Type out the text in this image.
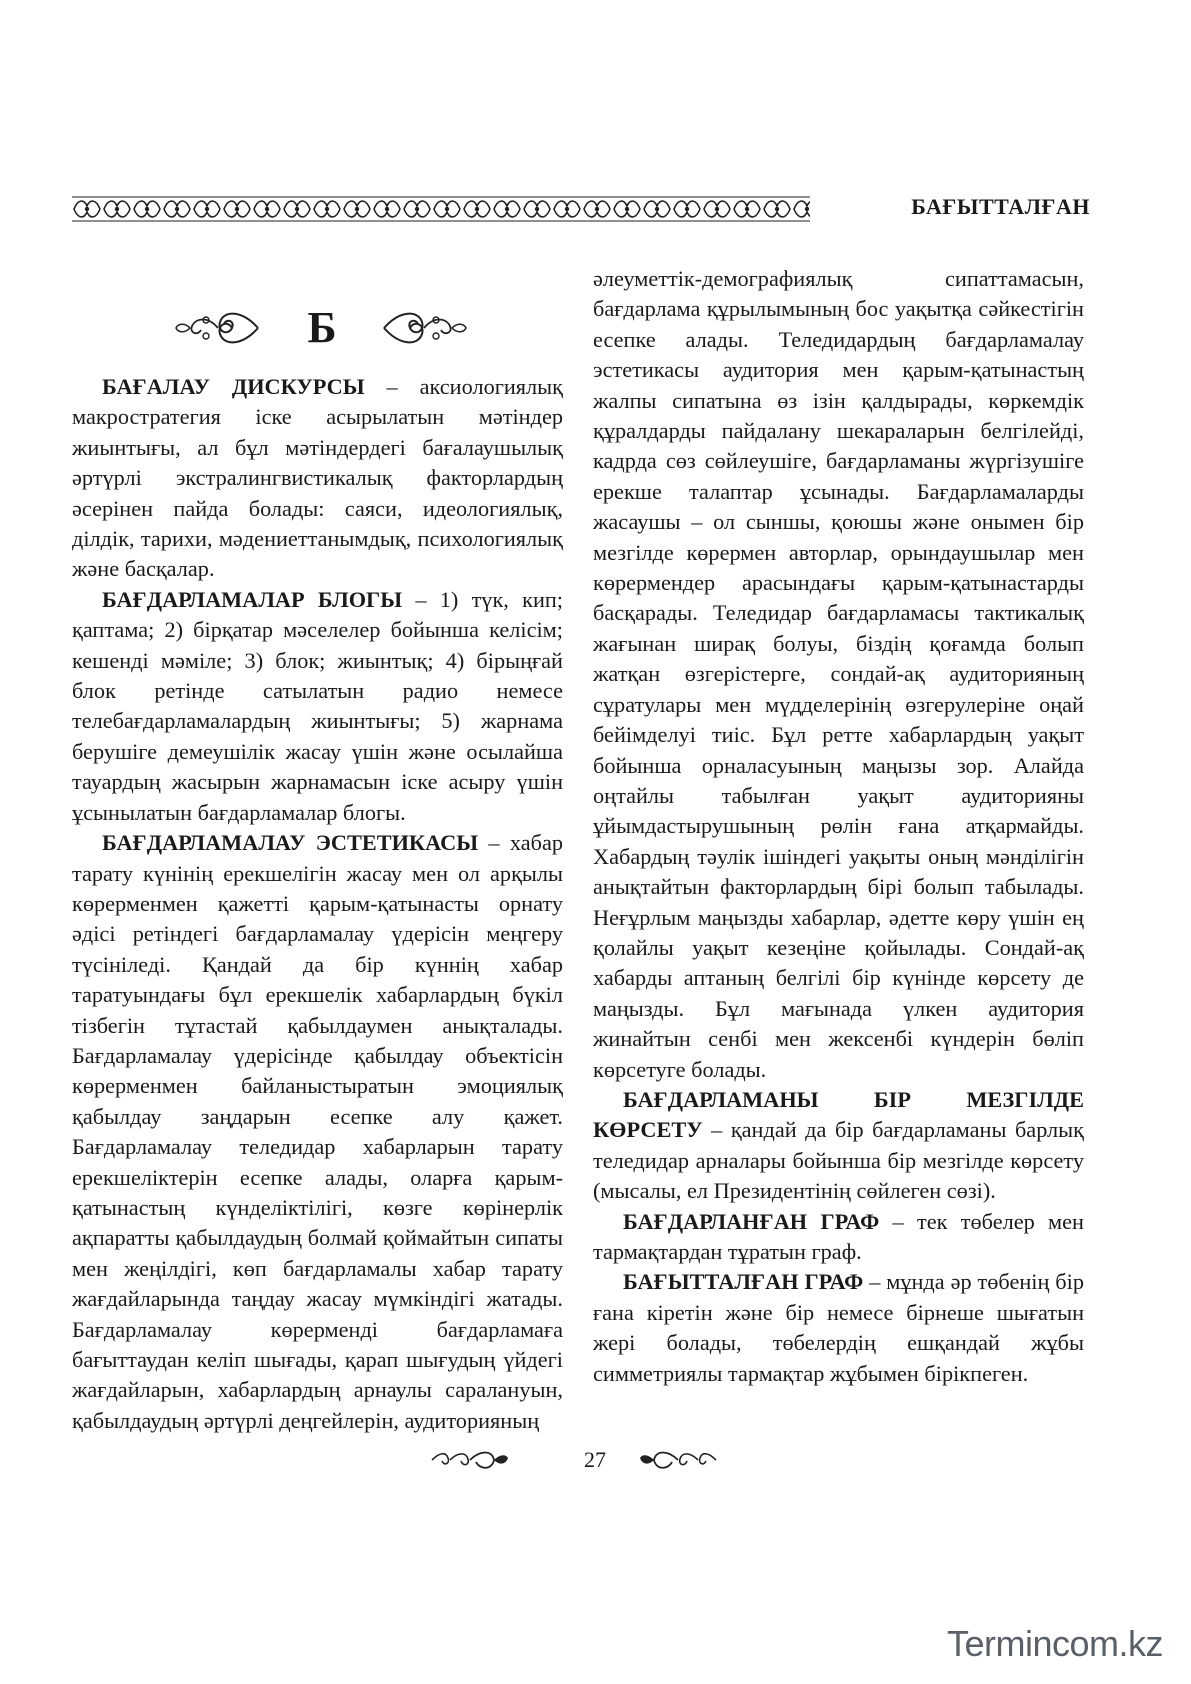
БАҒЫТТАЛҒАН
Б

БАҒАЛАУ ДИСКУРСЫ – аксиологиялық макростратегия іске асырылатын мәтіндер жиынтығы, ал бұл мәтіндердегі бағалаушылық әртүрлі экстралингвистикалық факторлардың әсерінен пайда болады: саяси, идеологиялық, ділдік, тарихи, мәдениеттанымдық, психологиялық және басқалар.

БАҒДАРЛАМАЛАР БЛОГЫ – 1) түк, кип; қаптама; 2) бірқатар мәселелер бойынша келісім; кешенді мәміле; 3) блок; жиынтық; 4) бірыңғай блок ретінде сатылатын радио немесе телебағдарламалардың жиынтығы; 5) жарнама берушіге демеушілік жасау үшін және осылайша тауардың жасырын жарнамасын іске асыру үшін ұсынылатын бағдарламалар блогы.

БАҒДАРЛАМАЛАУ ЭСТЕТИКАСЫ – хабар тарату күнінің ерекшелігін жасау мен ол арқылы көрерменмен қажетті қарым-қатынасты орнату әдісі ретіндегі бағдарламалау үдерісін меңгеру түсініледі. Қандай да бір күннің хабар таратуындағы бұл ерекшелік хабарлардың бүкіл тізбегін тұтастай қабылдаумен анықталады. Бағдарламалау үдерісінде қабылдау объектісін көрерменмен байланыстыратын эмоциялық қабылдау заңдарын есепке алу қажет. Бағдарламалау теледидар хабарларын тарату ерекшеліктерін есепке алады, оларға қарым-қатынастың күнделіктілігі, көзге көрінерлік ақпаратты қабылдаудың болмай қоймайтын сипаты мен жеңілдігі, көп бағдарламалы хабар тарату жағдайларында таңдау жасау мүмкіндігі жатады. Бағдарламалау көрерменді бағдарламаға бағыттаудан келіп шығады, қарап шығудың үйдегі жағдайларын, хабарлардың арнаулы саралануын, қабылдаудың әртүрлі деңгейлерін, аудиторияның

әлеуметтік-демографиялық сипаттамасын, бағдарлама құрылымының бос уақытқа сәйкестігін есепке алады. Теледидардың бағдарламалау эстетикасы аудитория мен қарым-қатынастың жалпы сипатына өз ізін қалдырады, көркемдік құралдарды пайдалану шекараларын белгілейді, кадрда сөз сөйлеушіге, бағдарламаны жүргізушіге ерекше талаптар ұсынады. Бағдарламаларды жасаушы – ол сыншы, қоюшы және онымен бір мезгілде көрермен авторлар, орындаушылар мен көрермендер арасындағы қарым-қатынастарды басқарады. Теледидар бағдарламасы тактикалық жағынан ширақ болуы, біздің қоғамда болып жатқан өзгерістерге, сондай-ақ аудиторияның сұратулары мен мүдделерінің өзгерулеріне оңай бейімделуі тиіс. Бұл ретте хабарлардың уақыт бойынша орналасуының маңызы зор. Алайда оңтайлы табылған уақыт аудиторияны ұйымдастырушының рөлін ғана атқармайды. Хабардың тәулік ішіндегі уақыты оның мәнділігін анықтайтын факторлардың бірі болып табылады. Неғұрлым маңызды хабарлар, әдетте көру үшін ең қолайлы уақыт кезеңіне қойылады. Сондай-ақ хабарды аптаның белгілі бір күнінде көрсету де маңызды. Бұл мағынада үлкен аудитория жинайтын сенбі мен жексенбі күндерін бөліп көрсетуге болады.

БАҒДАРЛАМАНЫ БІР МЕЗГІЛДЕ КӨРСЕТУ – қандай да бір бағдарламаны барлық теледидар арналары бойынша бір мезгілде көрсету (мысалы, ел Президентінің сөйлеген сөзі).

БАҒДАРЛАНҒАН ГРАФ – тек төбелер мен тармақтардан тұратын граф.

БАҒЫТТАЛҒАН ГРАФ – мұнда әр төбенің бір ғана кіретін және бір немесе бірнеше шығатын жері болады, төбелердің ешқандай жұбы симметриялы тармақтар жұбымен бірікпеген.

27
Termincom.kz
